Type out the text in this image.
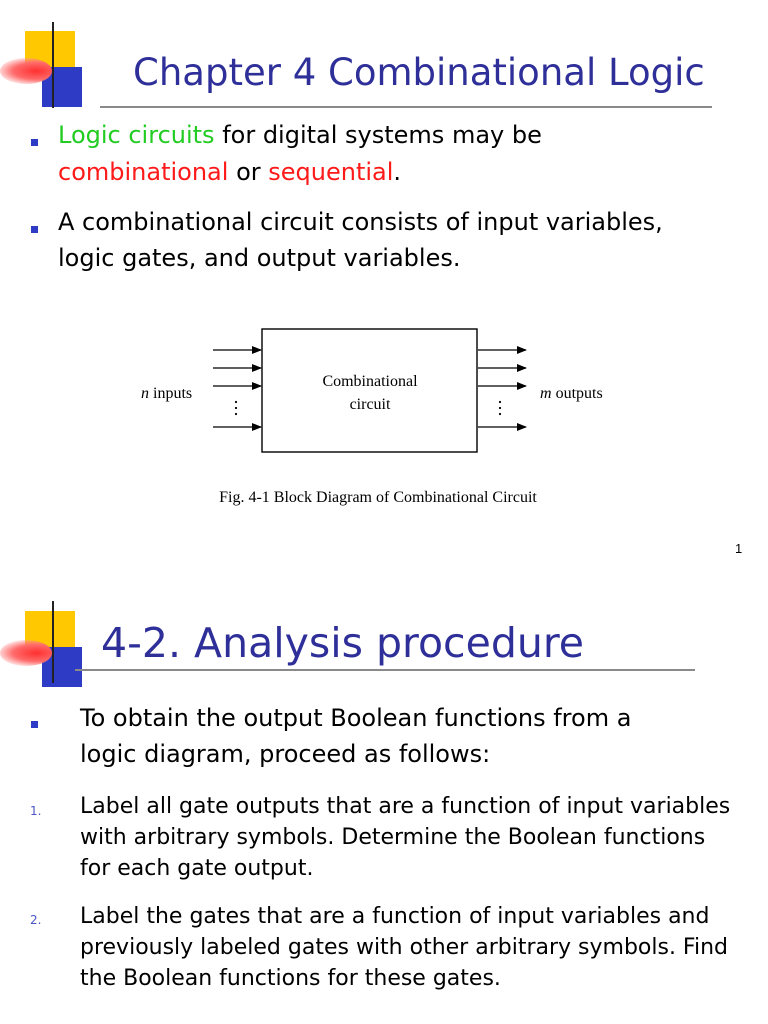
Chapter 4 Combinational Logic
Logic circuits for digital systems may be
combinational or sequential.
A combinational circuit consists of input variables,
logic gates, and output variables.
n inputs	m outputs
Combinational
circuit
Fig. 4-1 Block Diagram of Combinational Circuit
1
4-2. Analysis procedure
To obtain the output Boolean functions from a
logic diagram, proceed as follows:
1. Label all gate outputs that are a function of input variables
with arbitrary symbols. Determine the Boolean functions
for each gate output.
2. Label the gates that are a function of input variables and
previously labeled gates with other arbitrary symbols. Find
the Boolean functions for these gates.
